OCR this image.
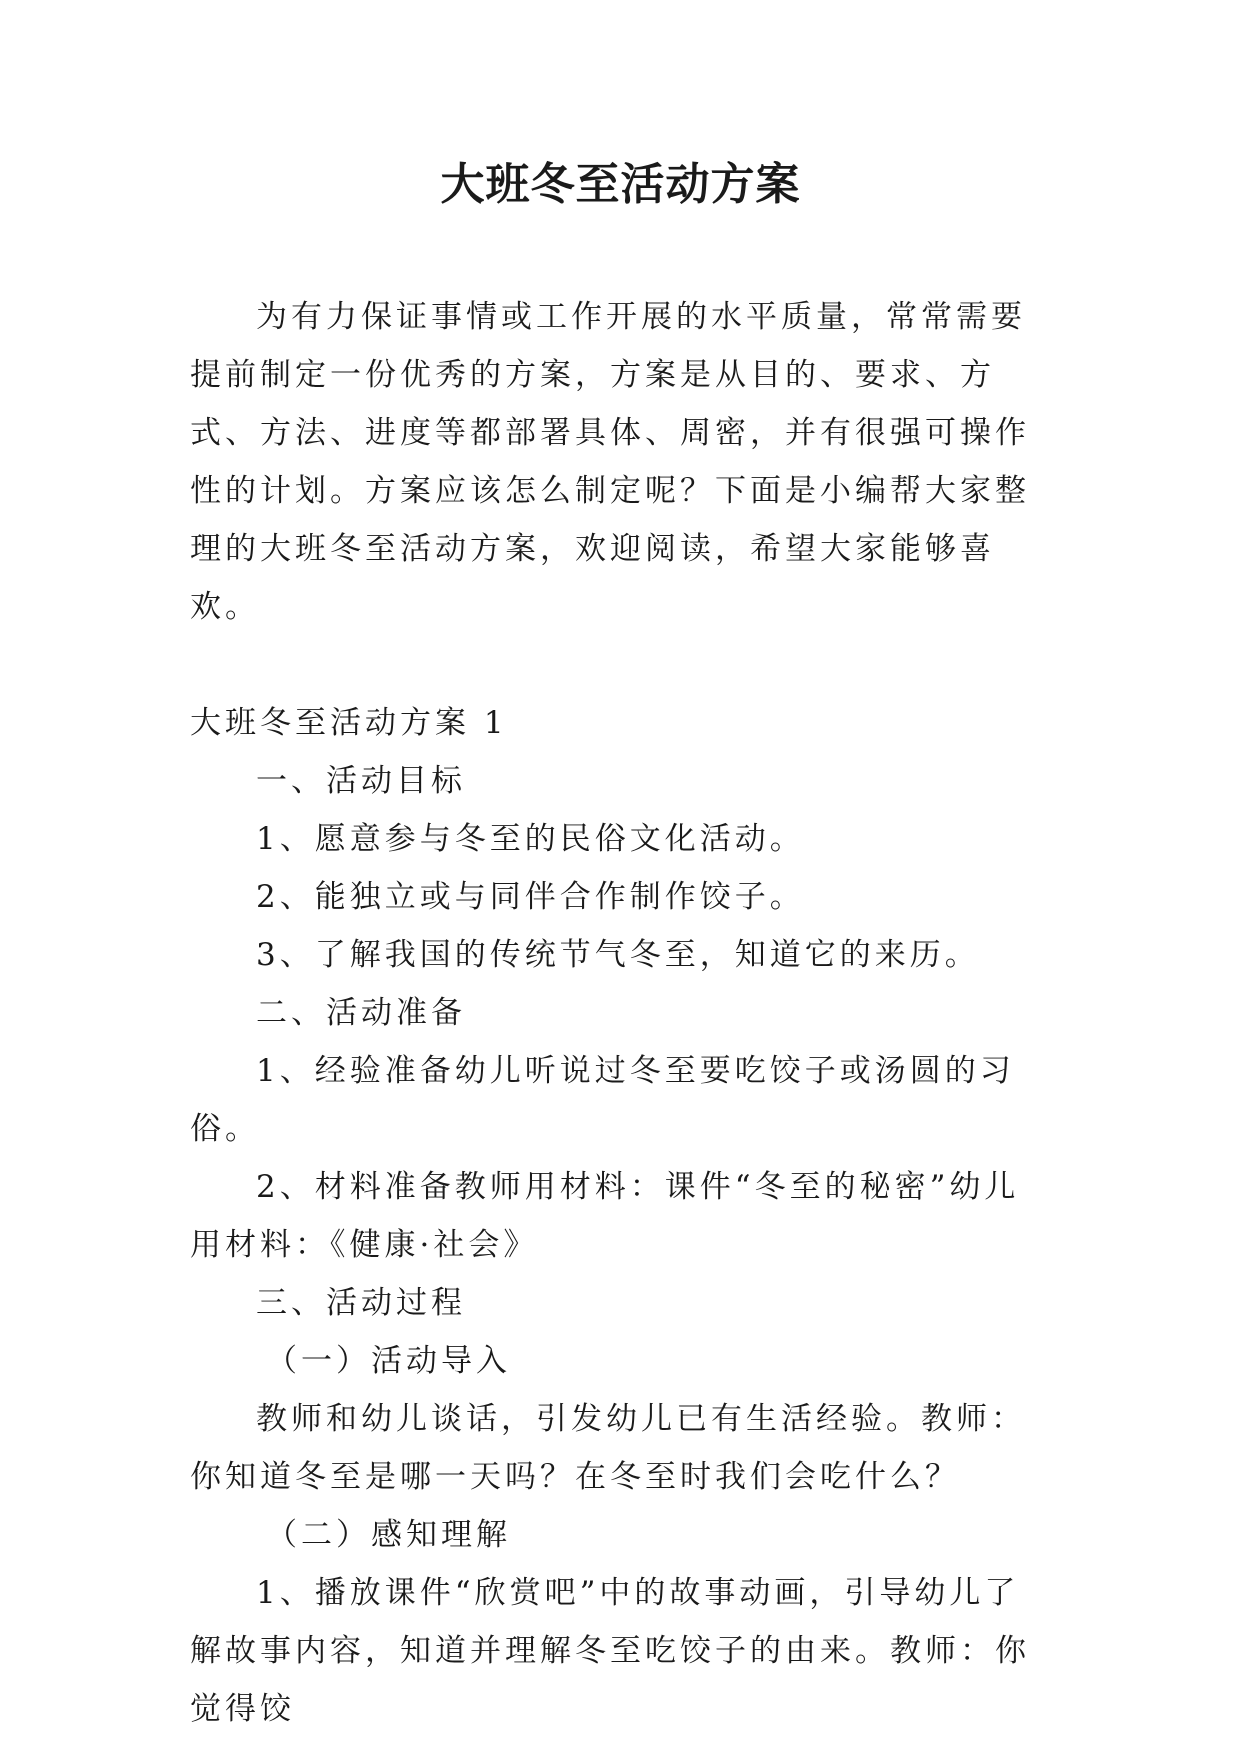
大班冬至活动方案

为有力保证事情或工作开展的水平质量，常常需要提前制定一份优秀的方案，方案是从目的、要求、方式、方法、进度等都部署具体、周密，并有很强可操作性的计划。方案应该怎么制定呢？下面是小编帮大家整理的大班冬至活动方案，欢迎阅读，希望大家能够喜欢。

大班冬至活动方案 1

一、活动目标

1、愿意参与冬至的民俗文化活动。

2、能独立或与同伴合作制作饺子。

3、了解我国的传统节气冬至，知道它的来历。

二、活动准备

1、经验准备幼儿听说过冬至要吃饺子或汤圆的习俗。

2、材料准备教师用材料：课件“冬至的秘密”幼儿用材料：《健康·社会》

三、活动过程

（一）活动导入

教师和幼儿谈话，引发幼儿已有生活经验。教师：你知道冬至是哪一天吗？在冬至时我们会吃什么？

（二）感知理解

1、播放课件“欣赏吧”中的故事动画，引导幼儿了解故事内容，知道并理解冬至吃饺子的由来。教师：你觉得饺
